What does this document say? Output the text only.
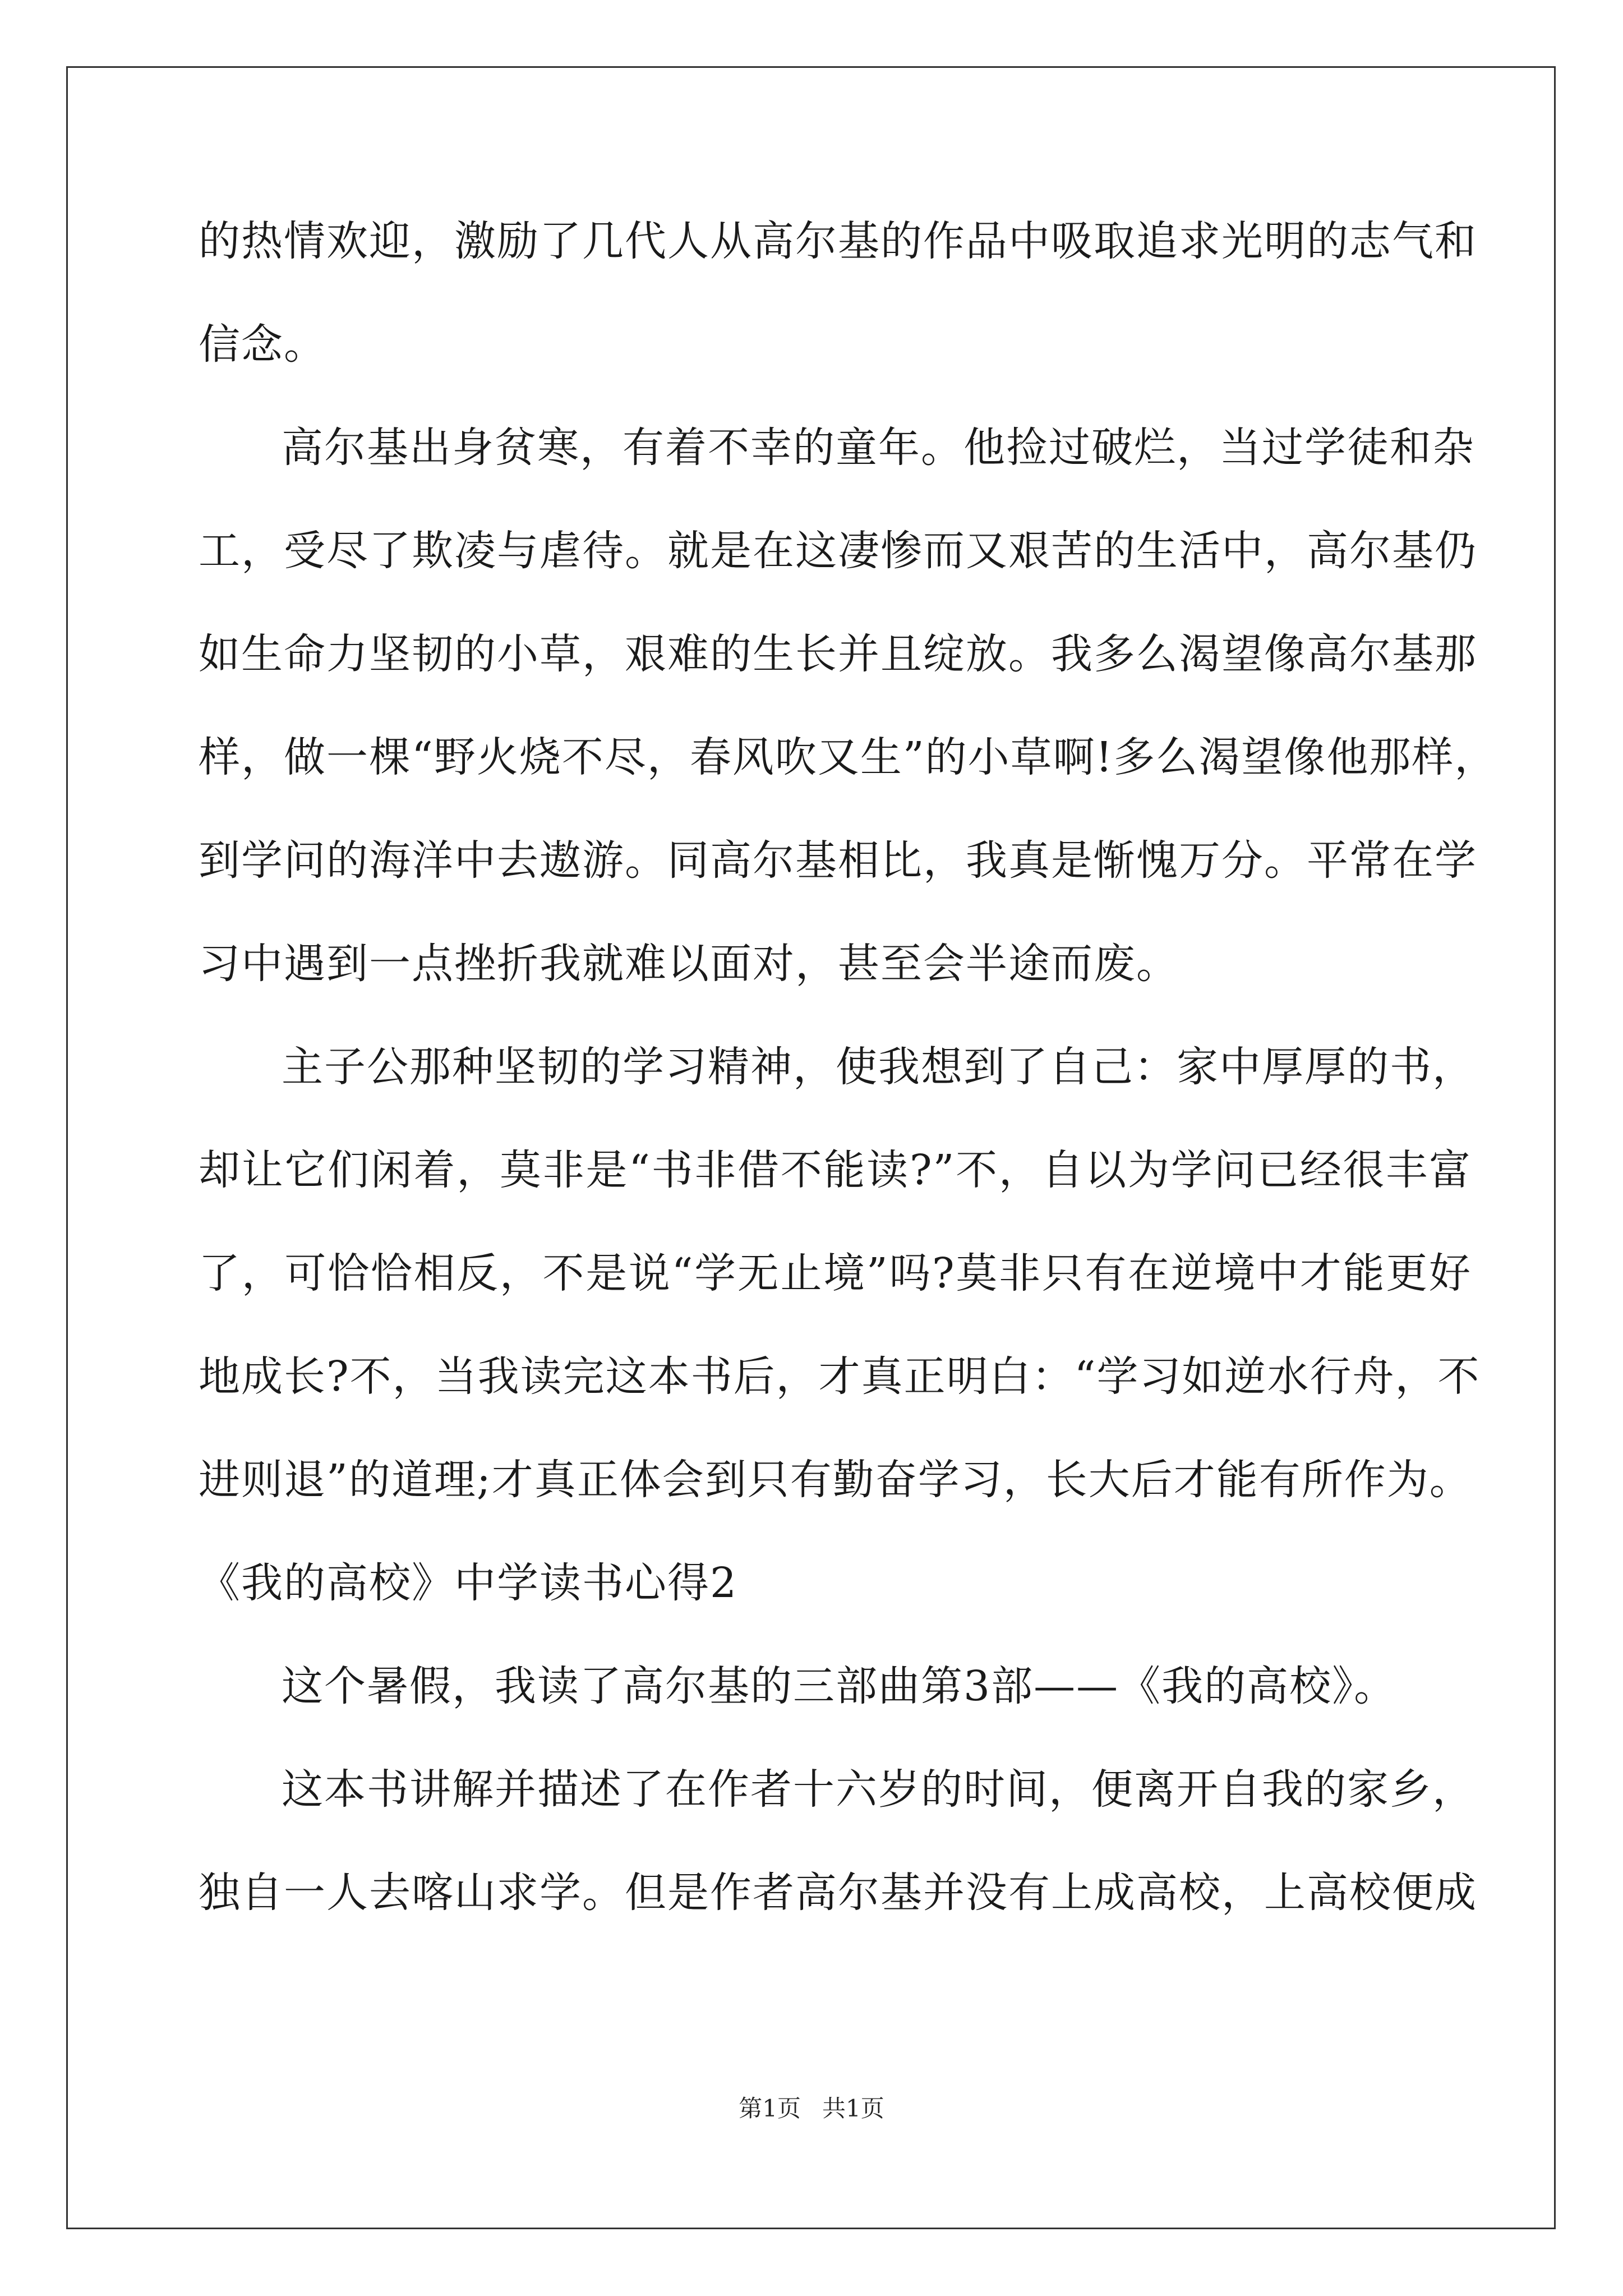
的热情欢迎，激励了几代人从高尔基的作品中吸取追求光明的志气和
信念。
高尔基出身贫寒，有着不幸的童年。他捡过破烂，当过学徒和杂
工，受尽了欺凌与虐待。就是在这凄惨而又艰苦的生活中，高尔基仍
如生命力坚韧的小草，艰难的生长并且绽放。我多么渴望像高尔基那
样，做一棵“野火烧不尽，春风吹又生”的小草啊!多么渴望像他那样，
到学问的海洋中去遨游。同高尔基相比，我真是惭愧万分。平常在学
习中遇到一点挫折我就难以面对，甚至会半途而废。
主子公那种坚韧的学习精神，使我想到了自己：家中厚厚的书，
却让它们闲着，莫非是“书非借不能读?”不，自以为学问已经很丰富
了，可恰恰相反，不是说“学无止境”吗?莫非只有在逆境中才能更好
地成长?不，当我读完这本书后，才真正明白：“学习如逆水行舟，不
进则退”的道理;才真正体会到只有勤奋学习，长大后才能有所作为。
《我的高校》中学读书心得2
这个暑假，我读了高尔基的三部曲第3部——《我的高校》。
这本书讲解并描述了在作者十六岁的时间，便离开自我的家乡，
独自一人去喀山求学。但是作者高尔基并没有上成高校，上高校便成
第1页 共1页
